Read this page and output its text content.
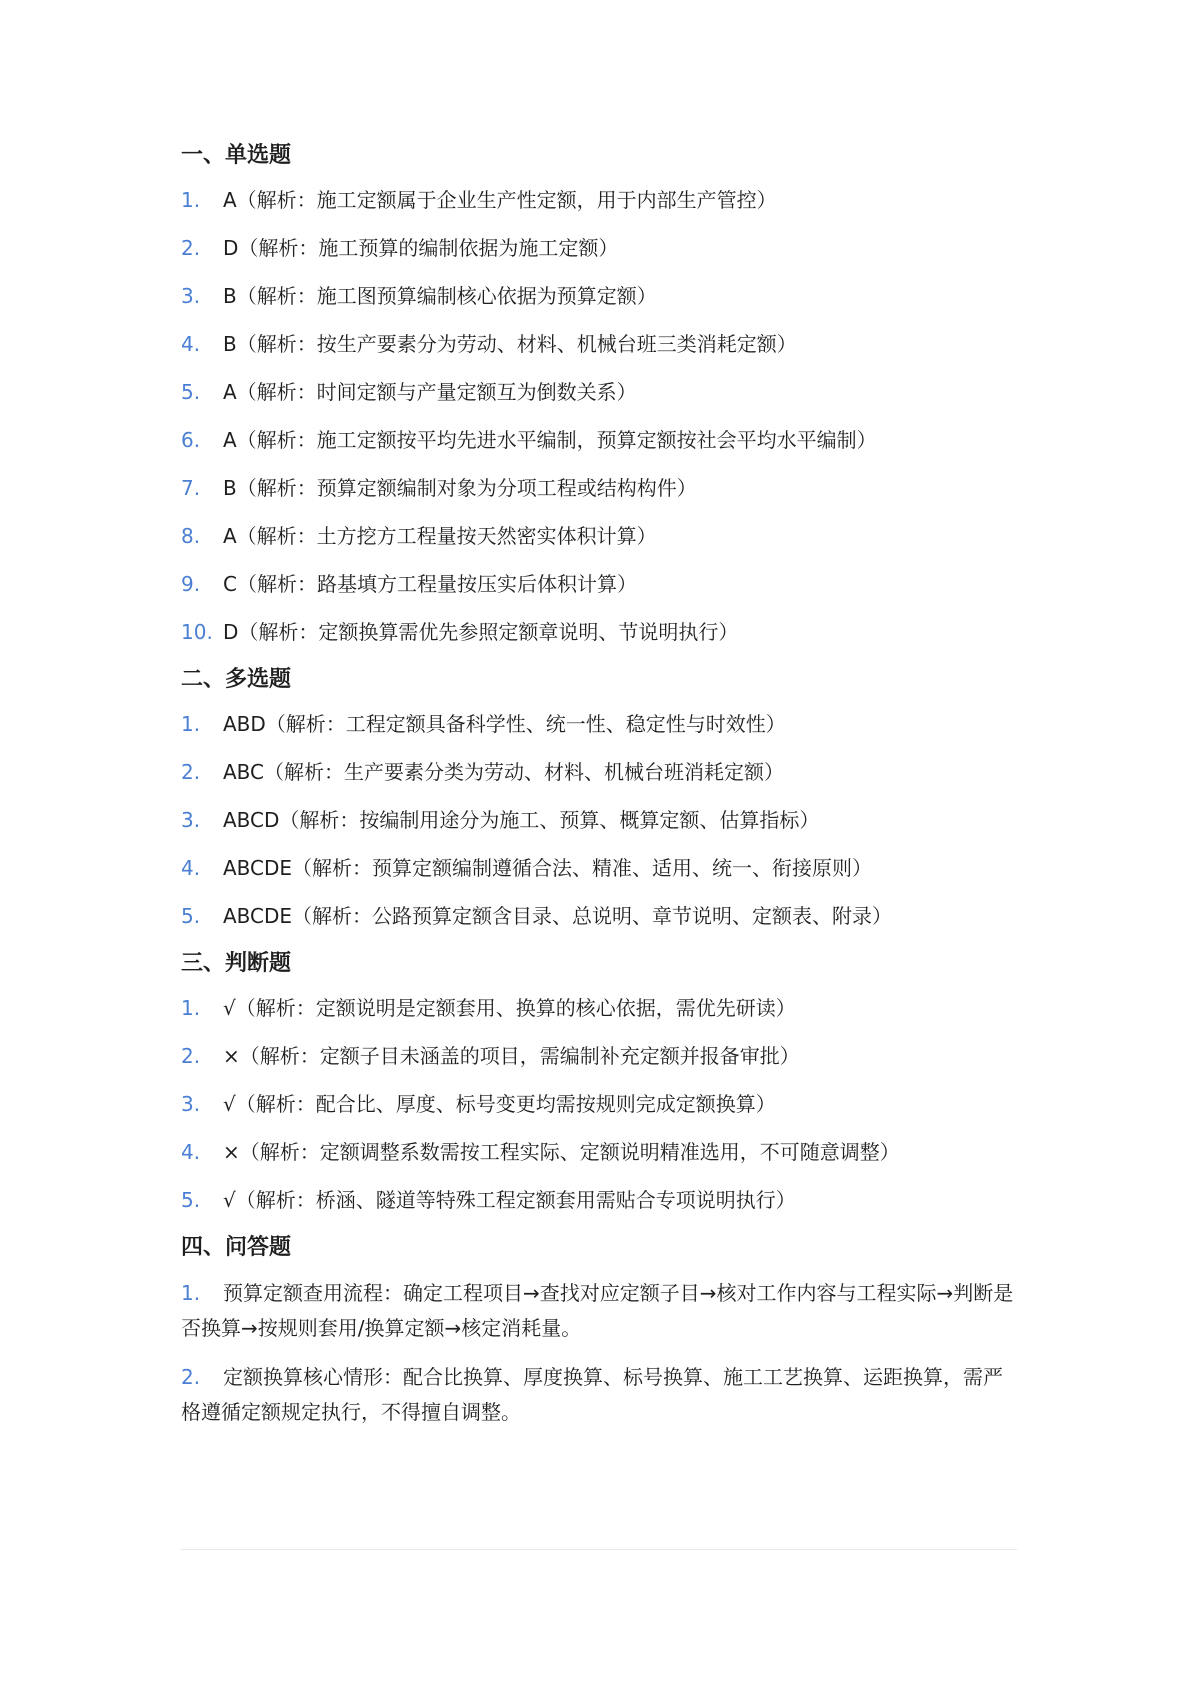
一、单选题
1. A（解析：施工定额属于企业生产性定额，用于内部生产管控）
2. D（解析：施工预算的编制依据为施工定额）
3. B（解析：施工图预算编制核心依据为预算定额）
4. B（解析：按生产要素分为劳动、材料、机械台班三类消耗定额）
5. A（解析：时间定额与产量定额互为倒数关系）
6. A（解析：施工定额按平均先进水平编制，预算定额按社会平均水平编制）
7. B（解析：预算定额编制对象为分项工程或结构构件）
8. A（解析：土方挖方工程量按天然密实体积计算）
9. C（解析：路基填方工程量按压实后体积计算）
10. D（解析：定额换算需优先参照定额章说明、节说明执行）
二、多选题
1. ABD（解析：工程定额具备科学性、统一性、稳定性与时效性）
2. ABC（解析：生产要素分类为劳动、材料、机械台班消耗定额）
3. ABCD（解析：按编制用途分为施工、预算、概算定额、估算指标）
4. ABCDE（解析：预算定额编制遵循合法、精准、适用、统一、衔接原则）
5. ABCDE（解析：公路预算定额含目录、总说明、章节说明、定额表、附录）
三、判断题
1. √（解析：定额说明是定额套用、换算的核心依据，需优先研读）
2. ×（解析：定额子目未涵盖的项目，需编制补充定额并报备审批）
3. √（解析：配合比、厚度、标号变更均需按规则完成定额换算）
4. ×（解析：定额调整系数需按工程实际、定额说明精准选用，不可随意调整）
5. √（解析：桥涵、隧道等特殊工程定额套用需贴合专项说明执行）
四、问答题
1. 预算定额查用流程：确定工程项目→查找对应定额子目→核对工作内容与工程实际→判断是否换算→按规则套用/换算定额→核定消耗量。
2. 定额换算核心情形：配合比换算、厚度换算、标号换算、施工工艺换算、运距换算，需严格遵循定额规定执行，不得擅自调整。
